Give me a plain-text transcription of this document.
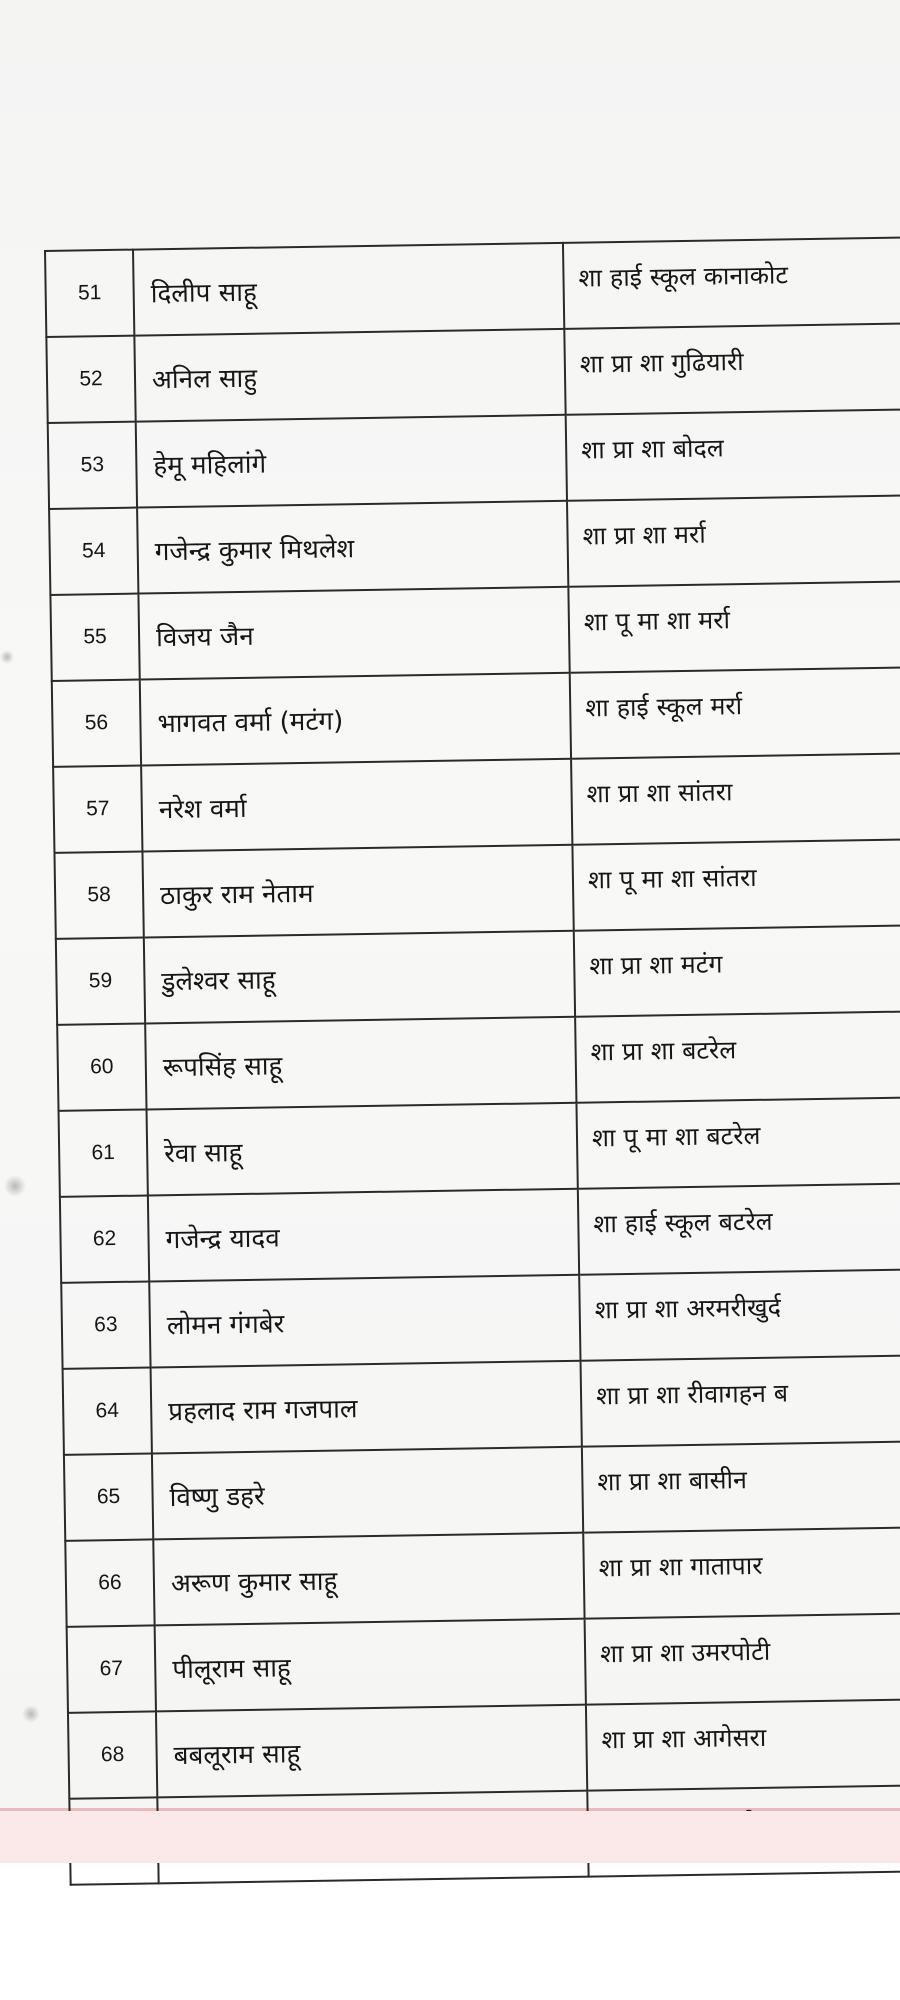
51	दिलीप साहू	शा हाई स्कूल कानाकोट
52	अनिल साहु	शा प्रा शा गुढियारी
53	हेमू महिलांगे	शा प्रा शा बोदल
54	गजेन्द्र कुमार मिथलेश	शा प्रा शा मर्रा
55	विजय जैन	शा पू मा शा मर्रा
56	भागवत वर्मा (मटंग)	शा हाई स्कूल मर्रा
57	नरेश वर्मा	शा प्रा शा सांतरा
58	ठाकुर राम नेताम	शा पू मा शा सांतरा
59	डुलेश्वर साहू	शा प्रा शा मटंग
60	रूपसिंह साहू	शा प्रा शा बटरेल
61	रेवा साहू	शा पू मा शा बटरेल
62	गजेन्द्र यादव	शा हाई स्कूल बटरेल
63	लोमन गंगबेर	शा प्रा शा अरमरीखुर्द
64	प्रहलाद राम गजपाल	शा प्रा शा रीवागहन ब
65	विष्णु डहरे	शा प्रा शा बासीन
66	अरूण कुमार साहू	शा प्रा शा गातापार
67	पीलूराम साहू	शा प्रा शा उमरपोटी
68	बबलूराम साहू	शा प्रा शा आगेसरा
